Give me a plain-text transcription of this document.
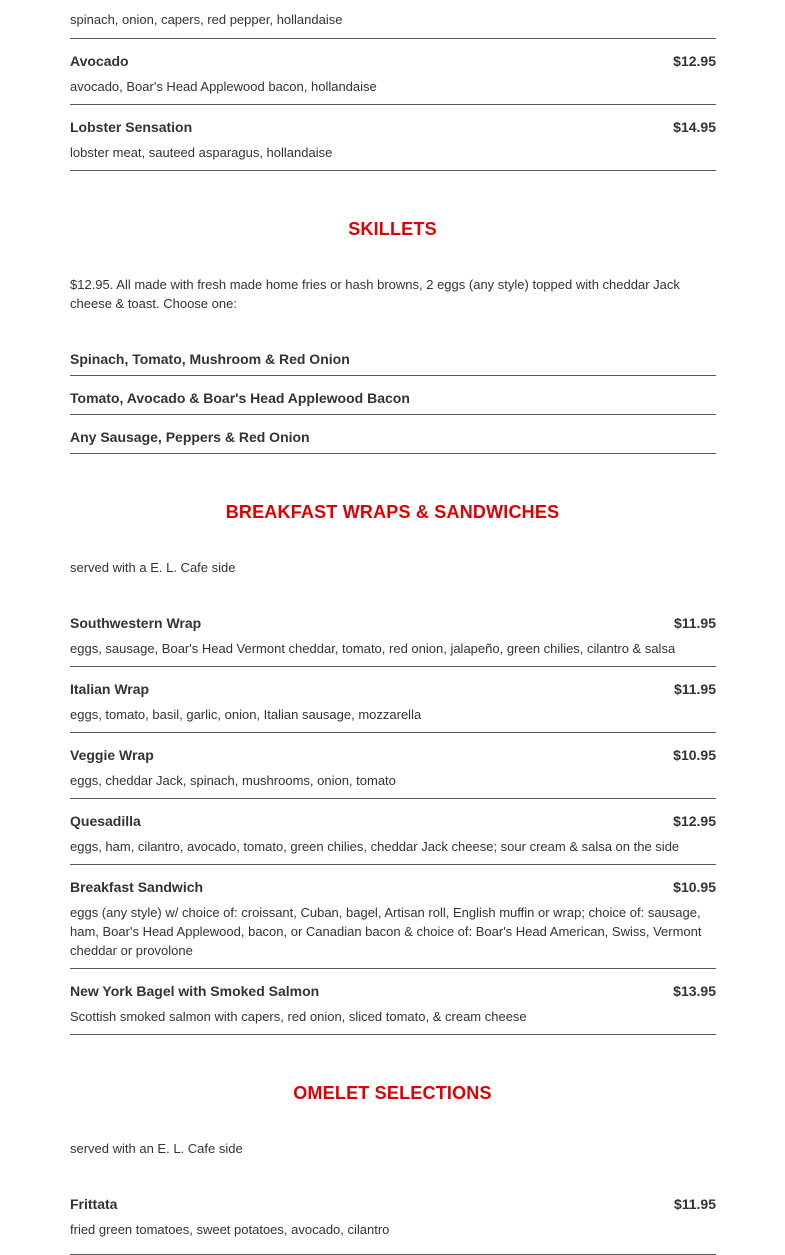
spinach, onion, capers, red pepper, hollandaise
Avocado	$12.95
avocado, Boar's Head Applewood bacon, hollandaise
Lobster Sensation	$14.95
lobster meat, sauteed asparagus, hollandaise
SKILLETS
$12.95. All made with fresh made home fries or hash browns, 2 eggs (any style) topped with cheddar Jack cheese & toast. Choose one:
Spinach, Tomato, Mushroom & Red Onion
Tomato, Avocado & Boar's Head Applewood Bacon
Any Sausage, Peppers & Red Onion
BREAKFAST WRAPS & SANDWICHES
served with a E. L. Cafe side
Southwestern Wrap	$11.95
eggs, sausage, Boar's Head Vermont cheddar, tomato, red onion, jalapeño, green chilies, cilantro & salsa
Italian Wrap	$11.95
eggs, tomato, basil, garlic, onion, Italian sausage, mozzarella
Veggie Wrap	$10.95
eggs, cheddar Jack, spinach, mushrooms, onion, tomato
Quesadilla	$12.95
eggs, ham, cilantro, avocado, tomato, green chilies, cheddar Jack cheese; sour cream & salsa on the side
Breakfast Sandwich	$10.95
eggs (any style) w/ choice of: croissant, Cuban, bagel, Artisan roll, English muffin or wrap; choice of: sausage, ham, Boar's Head Applewood, bacon, or Canadian bacon & choice of: Boar's Head American, Swiss, Vermont cheddar or provolone
New York Bagel with Smoked Salmon	$13.95
Scottish smoked salmon with capers, red onion, sliced tomato, & cream cheese
OMELET SELECTIONS
served with an E. L. Cafe side
Frittata	$11.95
fried green tomatoes, sweet potatoes, avocado, cilantro
